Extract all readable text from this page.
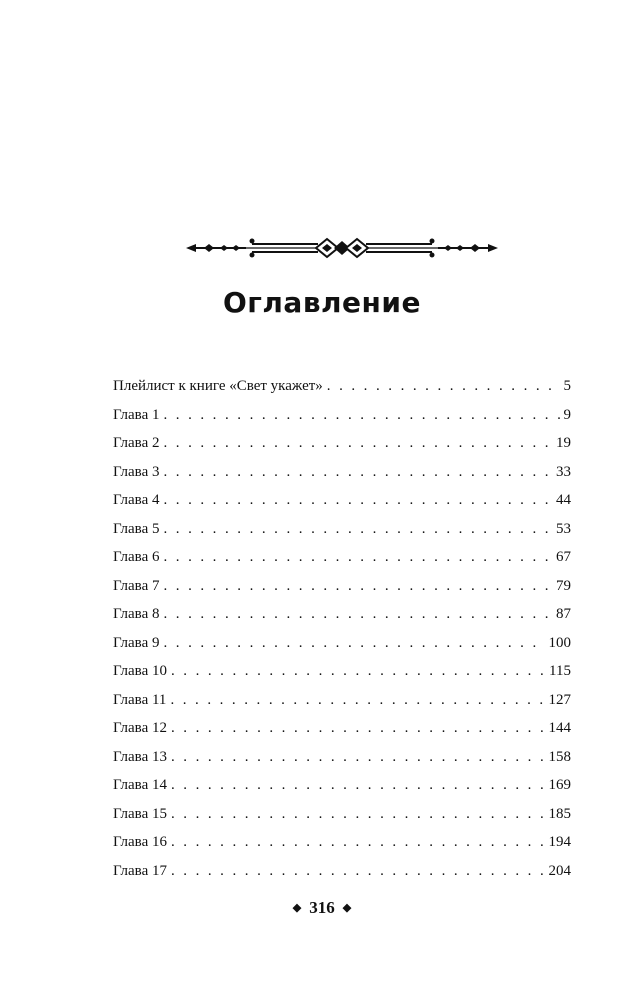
Оглавление
Плейлист к книге «Свет укажет» . . .	5
Глава 1 . . .	9
Глава 2 . . .	19
Глава 3 . . .	33
Глава 4 . . .	44
Глава 5 . . .	53
Глава 6 . . .	67
Глава 7 . . .	79
Глава 8 . . .	87
Глава 9 . . .	100
Глава 10 . . .	115
Глава 11 . . .	127
Глава 12 . . .	144
Глава 13 . . .	158
Глава 14 . . .	169
Глава 15 . . .	185
Глава 16 . . .	194
Глава 17 . . .	204
◆ 316 ◆
